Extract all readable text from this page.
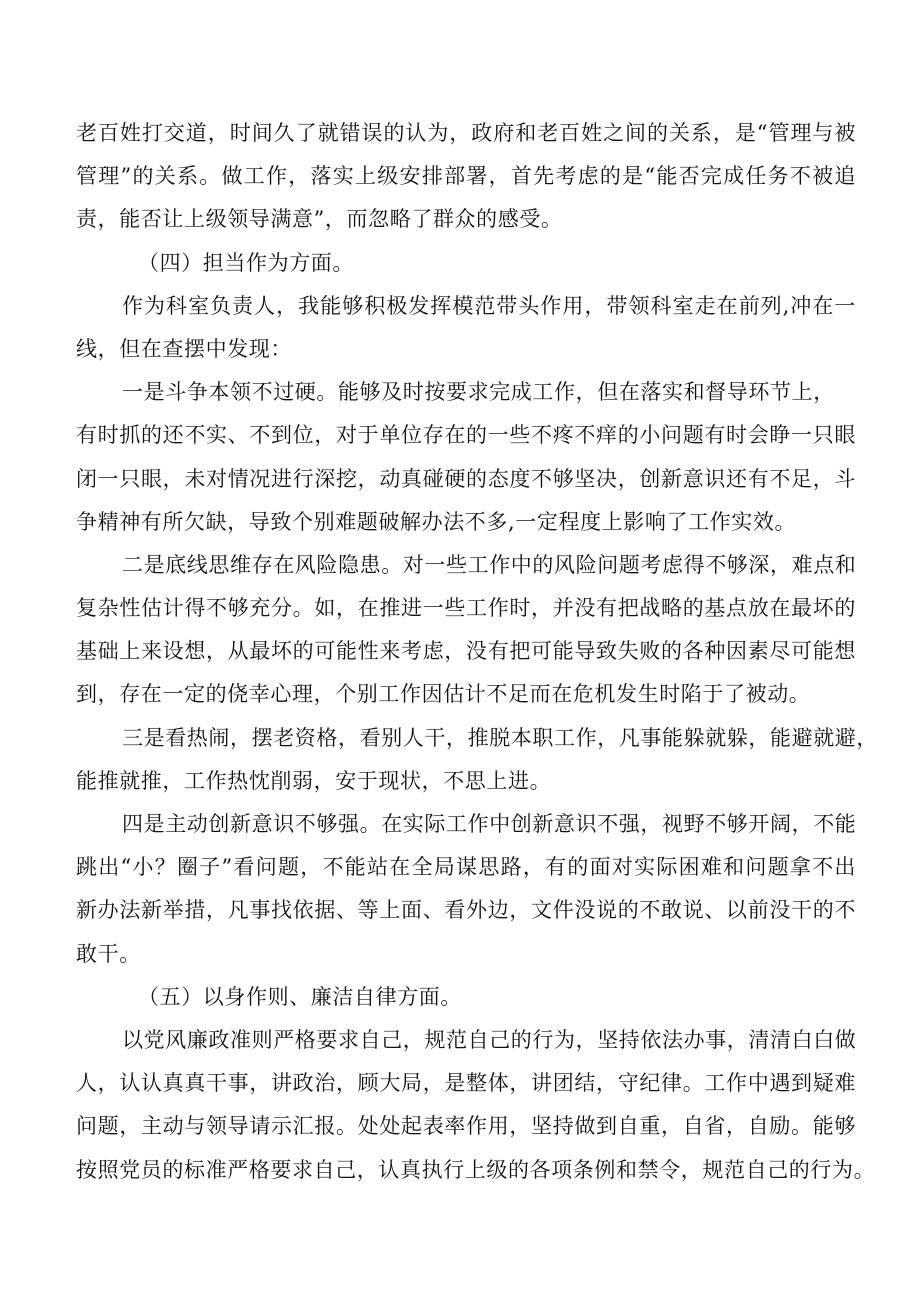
老百姓打交道，时间久了就错误的认为，政府和老百姓之间的关系，是“管理与被
管理”的关系。做工作，落实上级安排部署，首先考虑的是“能否完成任务不被追
责，能否让上级领导满意”，而忽略了群众的感受。
（四）担当作为方面。
作为科室负责人，我能够积极发挥模范带头作用，带领科室走在前列,冲在一
线，但在查摆中发现：
一是斗争本领不过硬。能够及时按要求完成工作，但在落实和督导环节上，
有时抓的还不实、不到位，对于单位存在的一些不疼不痒的小问题有时会睁一只眼
闭一只眼，未对情况进行深挖，动真碰硬的态度不够坚决，创新意识还有不足，斗
争精神有所欠缺，导致个别难题破解办法不多,一定程度上影响了工作实效。
二是底线思维存在风险隐患。对一些工作中的风险问题考虑得不够深，难点和
复杂性估计得不够充分。如，在推进一些工作时，并没有把战略的基点放在最坏的
基础上来设想，从最坏的可能性来考虑，没有把可能导致失败的各种因素尽可能想
到，存在一定的侥幸心理，个别工作因估计不足而在危机发生时陷于了被动。
三是看热闹，摆老资格，看别人干，推脱本职工作，凡事能躲就躲，能避就避，
能推就推，工作热忱削弱，安于现状，不思上进。
四是主动创新意识不够强。在实际工作中创新意识不强，视野不够开阔，不能
跳出“小？圈子”看问题，不能站在全局谋思路，有的面对实际困难和问题拿不出
新办法新举措，凡事找依据、等上面、看外边，文件没说的不敢说、以前没干的不
敢干。
（五）以身作则、廉洁自律方面。
以党风廉政准则严格要求自己，规范自己的行为，坚持依法办事，清清白白做
人，认认真真干事，讲政治，顾大局，是整体，讲团结，守纪律。工作中遇到疑难
问题，主动与领导请示汇报。处处起表率作用，坚持做到自重，自省，自励。能够
按照党员的标准严格要求自己，认真执行上级的各项条例和禁令，规范自己的行为。
